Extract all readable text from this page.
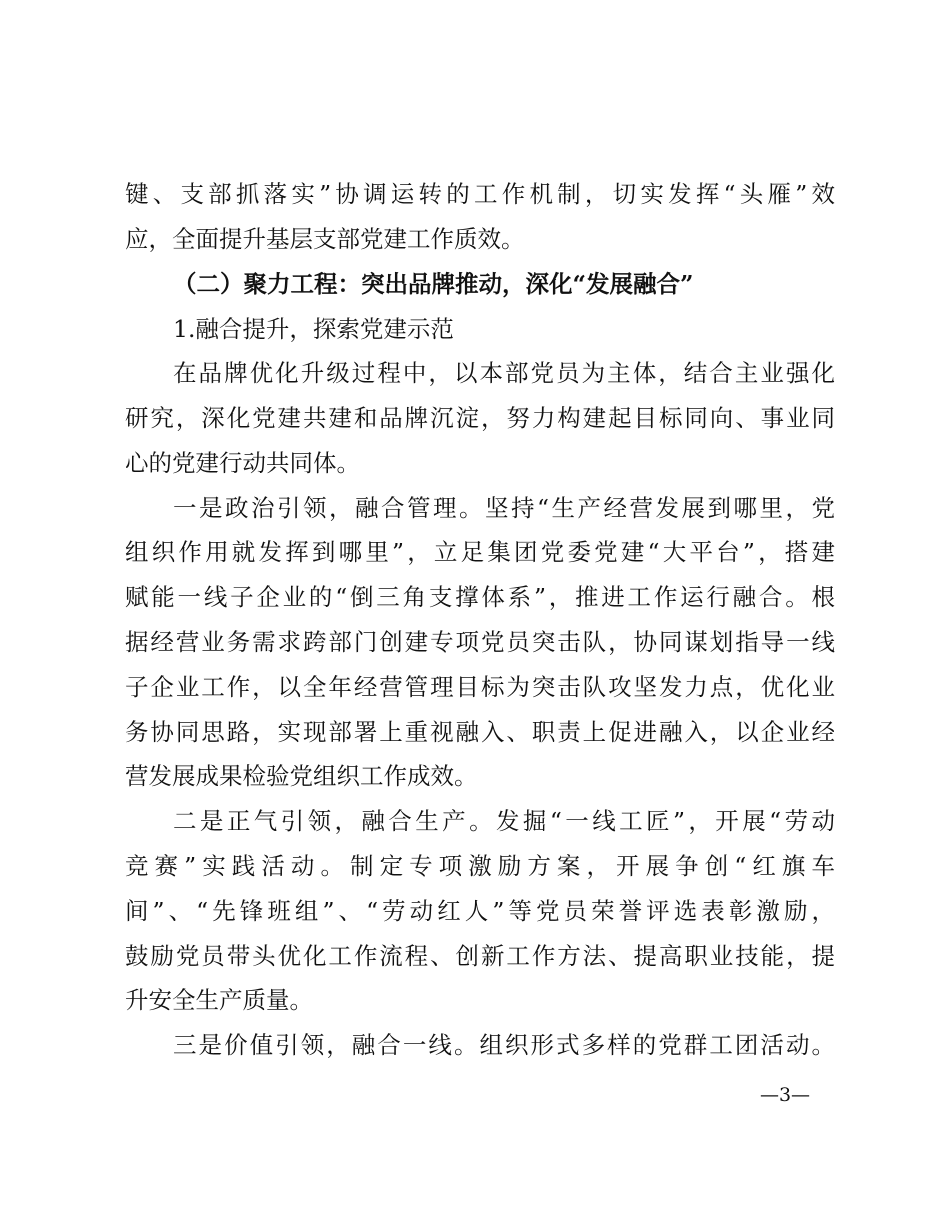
键、支部抓落实”协调运转的工作机制，切实发挥“头雁”效
应，全面提升基层支部党建工作质效。
（二）聚力工程：突出品牌推动，深化“发展融合”
1.融合提升，探索党建示范
在品牌优化升级过程中，以本部党员为主体，结合主业强化
研究，深化党建共建和品牌沉淀，努力构建起目标同向、事业同
心的党建行动共同体。
一是政治引领，融合管理。坚持“生产经营发展到哪里，党
组织作用就发挥到哪里”，立足集团党委党建“大平台”，搭建
赋能一线子企业的“倒三角支撑体系”，推进工作运行融合。根
据经营业务需求跨部门创建专项党员突击队，协同谋划指导一线
子企业工作，以全年经营管理目标为突击队攻坚发力点，优化业
务协同思路，实现部署上重视融入、职责上促进融入，以企业经
营发展成果检验党组织工作成效。
二是正气引领，融合生产。发掘“一线工匠”，开展“劳动
竞赛”实践活动。制定专项激励方案，开展争创“红旗车
间”、“先锋班组”、“劳动红人”等党员荣誉评选表彰激励，
鼓励党员带头优化工作流程、创新工作方法、提高职业技能，提
升安全生产质量。
三是价值引领，融合一线。组织形式多样的党群工团活动。
—3—
